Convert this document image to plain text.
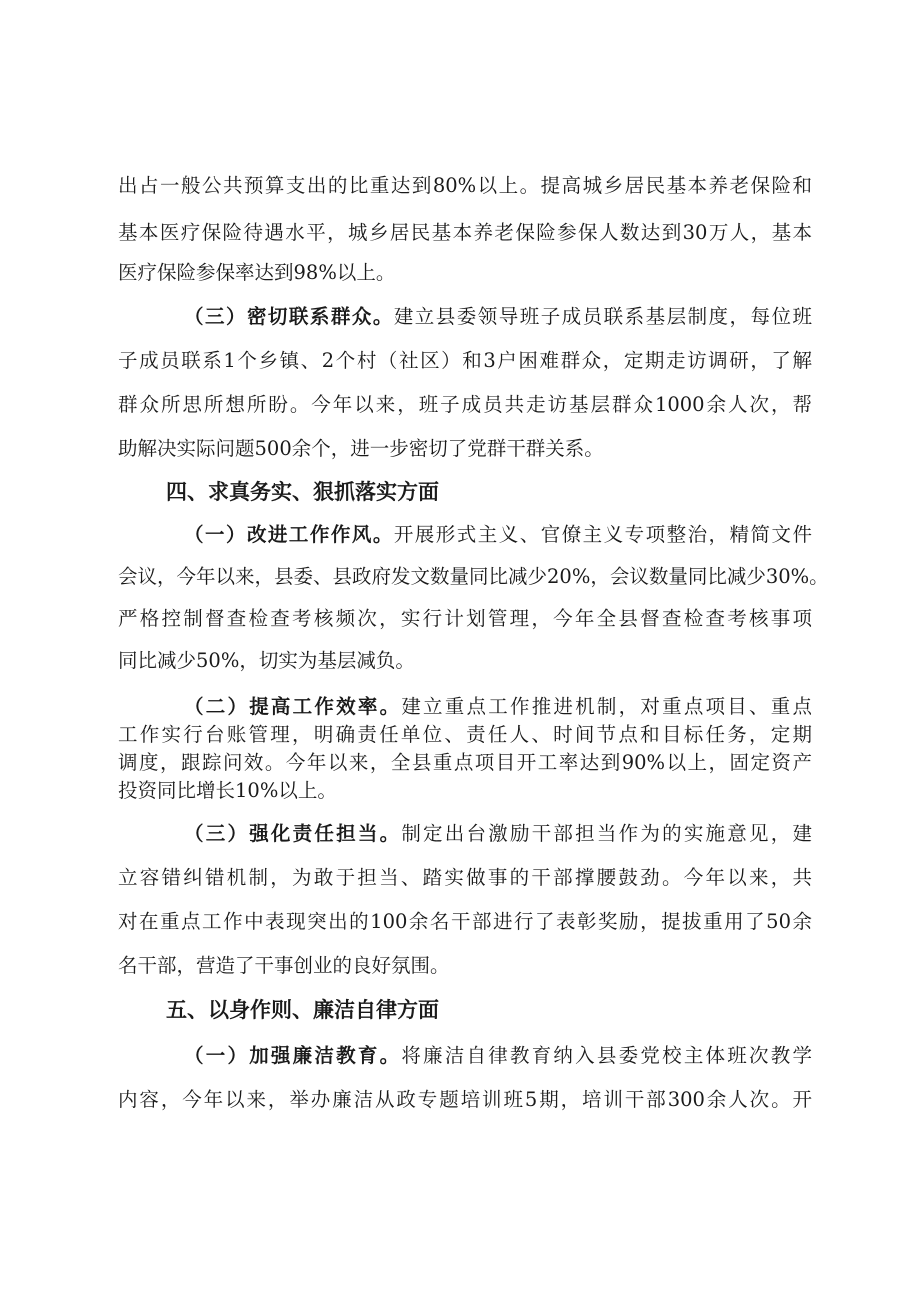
出占一般公共预算支出的比重达到80%以上。提高城乡居民基本养老保险和
基本医疗保险待遇水平，城乡居民基本养老保险参保人数达到30万人，基本
医疗保险参保率达到98%以上。
（三）密切联系群众。建立县委领导班子成员联系基层制度，每位班
子成员联系1个乡镇、2个村（社区）和3户困难群众，定期走访调研，了解
群众所思所想所盼。今年以来，班子成员共走访基层群众1000余人次，帮
助解决实际问题500余个，进一步密切了党群干群关系。
四、求真务实、狠抓落实方面
（一）改进工作作风。开展形式主义、官僚主义专项整治，精简文件
会议，今年以来，县委、县政府发文数量同比减少20%，会议数量同比减少30%。
严格控制督查检查考核频次，实行计划管理，今年全县督查检查考核事项
同比减少50%，切实为基层减负。
（二）提高工作效率。建立重点工作推进机制，对重点项目、重点
工作实行台账管理，明确责任单位、责任人、时间节点和目标任务，定期
调度，跟踪问效。今年以来，全县重点项目开工率达到90%以上，固定资产
投资同比增长10%以上。
（三）强化责任担当。制定出台激励干部担当作为的实施意见，建
立容错纠错机制，为敢于担当、踏实做事的干部撑腰鼓劲。今年以来，共
对在重点工作中表现突出的100余名干部进行了表彰奖励，提拔重用了50余
名干部，营造了干事创业的良好氛围。
五、以身作则、廉洁自律方面
（一）加强廉洁教育。将廉洁自律教育纳入县委党校主体班次教学
内容，今年以来，举办廉洁从政专题培训班5期，培训干部300余人次。开
